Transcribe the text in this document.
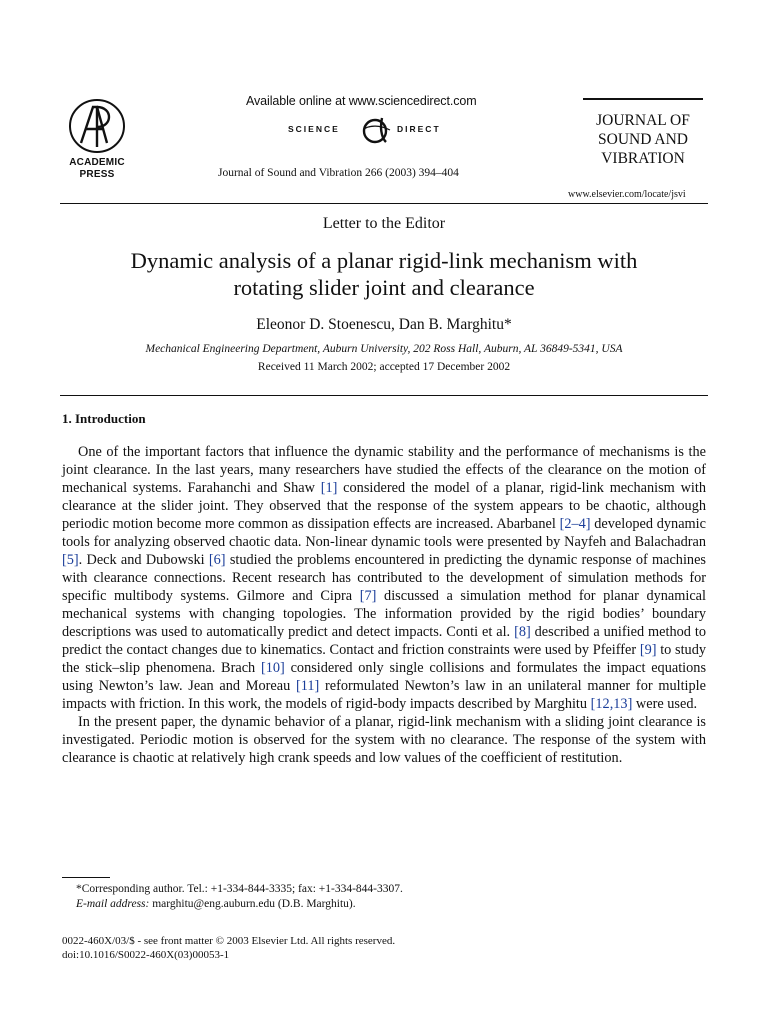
ACADEMIC
PRESS
Available online at www.sciencedirect.com
SCIENCE	DIRECT
Journal of Sound and Vibration 266 (2003) 394–404
JOURNAL OF
SOUND AND
VIBRATION
www.elsevier.com/locate/jsvi
Letter to the Editor
Dynamic analysis of a planar rigid-link mechanism with
rotating slider joint and clearance
Eleonor D. Stoenescu, Dan B. Marghitu*
Mechanical Engineering Department, Auburn University, 202 Ross Hall, Auburn, AL 36849-5341, USA
Received 11 March 2002; accepted 17 December 2002
1. Introduction

One of the important factors that influence the dynamic stability and the performance of mechanisms is the joint clearance. In the last years, many researchers have studied the effects of the clearance on the motion of mechanical systems. Farahanchi and Shaw [1] considered the model of a planar, rigid-link mechanism with clearance at the slider joint. They observed that the response of the system appears to be chaotic, although periodic motion become more common as dissipation effects are increased. Abarbanel [2–4] developed dynamic tools for analyzing observed chaotic data. Non-linear dynamic tools were presented by Nayfeh and Balachadran [5]. Deck and Dubowski [6] studied the problems encountered in predicting the dynamic response of machines with clearance connections. Recent research has contributed to the development of simulation methods for specific multibody systems. Gilmore and Cipra [7] discussed a simulation method for planar dynamical mechanical systems with changing topologies. The information provided by the rigid bodies’ boundary descriptions was used to automatically predict and detect impacts. Conti et al. [8] described a unified method to predict the contact changes due to kinematics. Contact and friction constraints were used by Pfeiffer [9] to study the stick–slip phenomena. Brach [10] considered only single collisions and formulates the impact equations using Newton’s law. Jean and Moreau [11] reformulated Newton’s law in an unilateral manner for multiple impacts with friction. In this work, the models of rigid-body impacts described by Marghitu [12,13] were used.

In the present paper, the dynamic behavior of a planar, rigid-link mechanism with a sliding joint clearance is investigated. Periodic motion is observed for the system with no clearance. The response of the system with clearance is chaotic at relatively high crank speeds and low values of the coefficient of restitution.

*Corresponding author. Tel.: +1-334-844-3335; fax: +1-334-844-3307.
E-mail address: marghitu@eng.auburn.edu (D.B. Marghitu).
0022-460X/03/$ - see front matter © 2003 Elsevier Ltd. All rights reserved.
doi:10.1016/S0022-460X(03)00053-1
